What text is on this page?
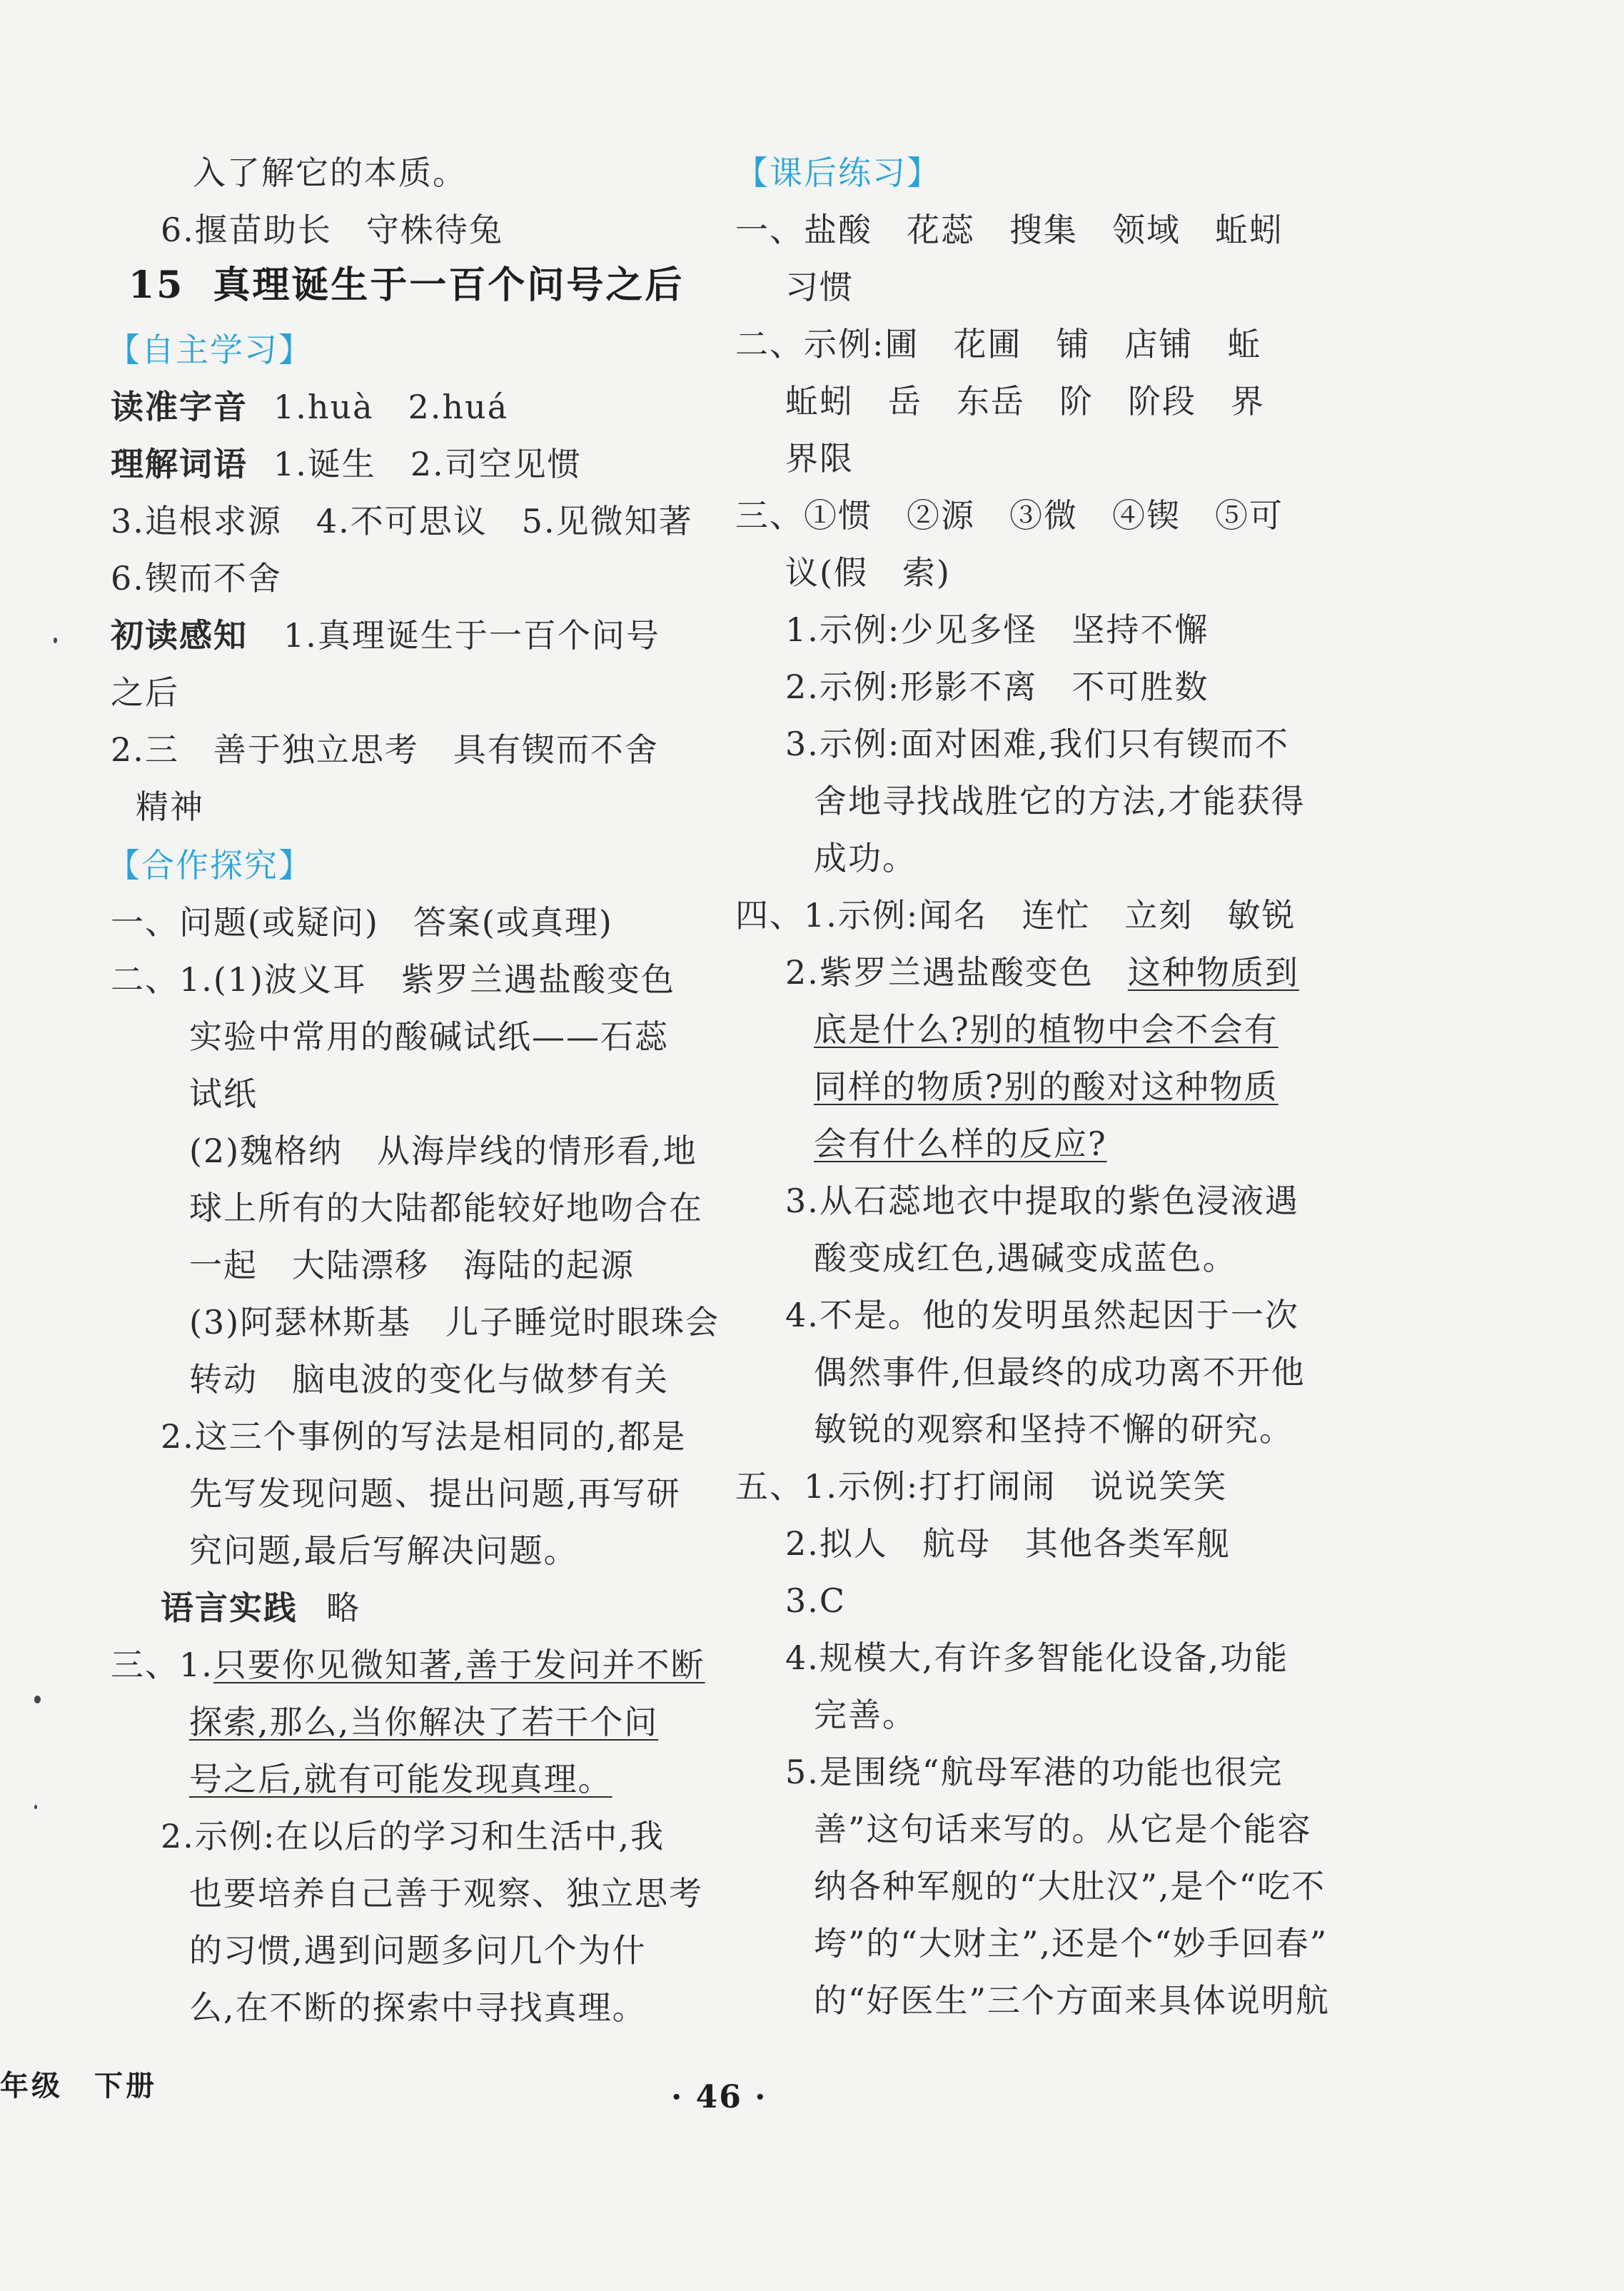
入了解它的本质。
6.揠苗助长　守株待兔
15 真理诞生于一百个问号之后
【自主学习】
读准字音 1.huà　2.huá
理解词语 1.诞生　2.司空见惯
3.追根求源　4.不可思议　5.见微知著
6.锲而不舍
初读感知 1.真理诞生于一百个问号
之后
2.三　善于独立思考　具有锲而不舍
精神
【合作探究】
一、问题(或疑问)　答案(或真理)
二、1.(1)波义耳　紫罗兰遇盐酸变色
实验中常用的酸碱试纸——石蕊
试纸
(2)魏格纳　从海岸线的情形看,地
球上所有的大陆都能较好地吻合在
一起　大陆漂移　海陆的起源
(3)阿瑟林斯基　儿子睡觉时眼珠会
转动　脑电波的变化与做梦有关
2.这三个事例的写法是相同的,都是
先写发现问题、提出问题,再写研
究问题,最后写解决问题。
语言实践 略
三、1.只要你见微知著,善于发问并不断
探索,那么,当你解决了若干个问
号之后,就有可能发现真理。
2.示例:在以后的学习和生活中,我
也要培养自己善于观察、独立思考
的习惯,遇到问题多问几个为什
么,在不断的探索中寻找真理。
【课后练习】
一、盐酸　花蕊　搜集　领域　蚯蚓
习惯
二、示例:圃　花圃　铺　店铺　蚯
蚯蚓　岳　东岳　阶　阶段　界
界限
三、①惯　②源　③微　④锲　⑤可
议(假　索)
1.示例:少见多怪　坚持不懈
2.示例:形影不离　不可胜数
3.示例:面对困难,我们只有锲而不
舍地寻找战胜它的方法,才能获得
成功。
四、1.示例:闻名　连忙　立刻　敏锐
2.紫罗兰遇盐酸变色　这种物质到
底是什么?别的植物中会不会有
同样的物质?别的酸对这种物质
会有什么样的反应?
3.从石蕊地衣中提取的紫色浸液遇
酸变成红色,遇碱变成蓝色。
4.不是。他的发明虽然起因于一次
偶然事件,但最终的成功离不开他
敏锐的观察和坚持不懈的研究。
五、1.示例:打打闹闹　说说笑笑
2.拟人　航母　其他各类军舰
3.C
4.规模大,有许多智能化设备,功能
完善。
5.是围绕“航母军港的功能也很完
善”这句话来写的。从它是个能容
纳各种军舰的“大肚汉”,是个“吃不
垮”的“大财主”,还是个“妙手回春”
的“好医生”三个方面来具体说明航
年级　下册	· 46 ·
